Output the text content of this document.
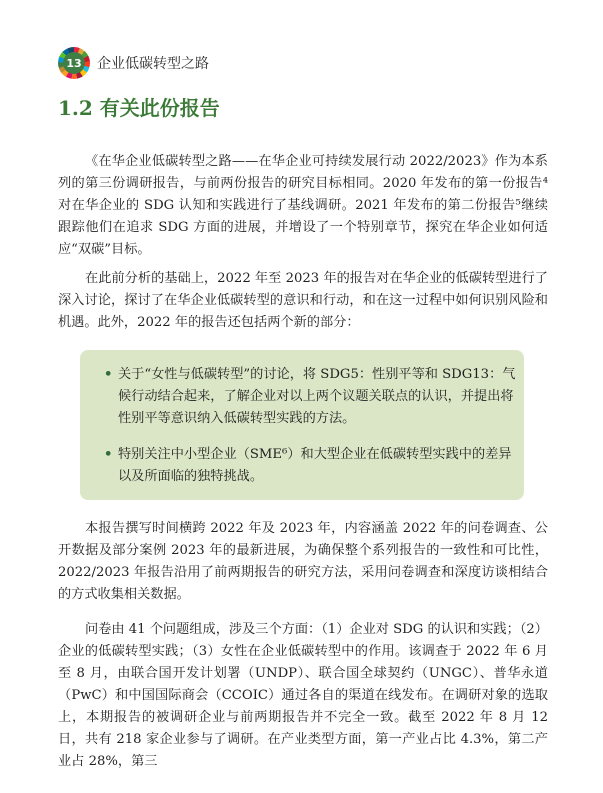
13 企业低碳转型之路
1.2 有关此份报告

《在华企业低碳转型之路——在华企业可持续发展行动 2022/2023》作为本系列的第三份调研报告，与前两份报告的研究目标相同。2020 年发布的第一份报告⁴对在华企业的 SDG 认知和实践进行了基线调研。2021 年发布的第二份报告⁵继续跟踪他们在追求 SDG 方面的进展，并增设了一个特别章节，探究在华企业如何适应“双碳”目标。

在此前分析的基础上，2022 年至 2023 年的报告对在华企业的低碳转型进行了深入讨论，探讨了在华企业低碳转型的意识和行动，和在这一过程中如何识别风险和机遇。此外，2022 年的报告还包括两个新的部分：

• 关于“女性与低碳转型”的讨论，将 SDG5：性别平等和 SDG13：气候行动结合起来，了解企业对以上两个议题关联点的认识，并提出将性别平等意识纳入低碳转型实践的方法。

• 特别关注中小型企业（SME⁶）和大型企业在低碳转型实践中的差异以及所面临的独特挑战。

本报告撰写时间横跨 2022 年及 2023 年，内容涵盖 2022 年的问卷调查、公开数据及部分案例 2023 年的最新进展，为确保整个系列报告的一致性和可比性，2022/2023 年报告沿用了前两期报告的研究方法，采用问卷调查和深度访谈相结合的方式收集相关数据。

问卷由 41 个问题组成，涉及三个方面：（1）企业对 SDG 的认识和实践；（2）企业的低碳转型实践；（3）女性在企业低碳转型中的作用。该调查于 2022 年 6 月至 8 月，由联合国开发计划署（UNDP）、联合国全球契约（UNGC）、普华永道（PwC）和中国国际商会（CCOIC）通过各自的渠道在线发布。在调研对象的选取上，本期报告的被调研企业与前两期报告并不完全一致。截至 2022 年 8 月 12 日，共有 218 家企业参与了调研。在产业类型方面，第一产业占比 4.3%，第二产业占 28%，第三
